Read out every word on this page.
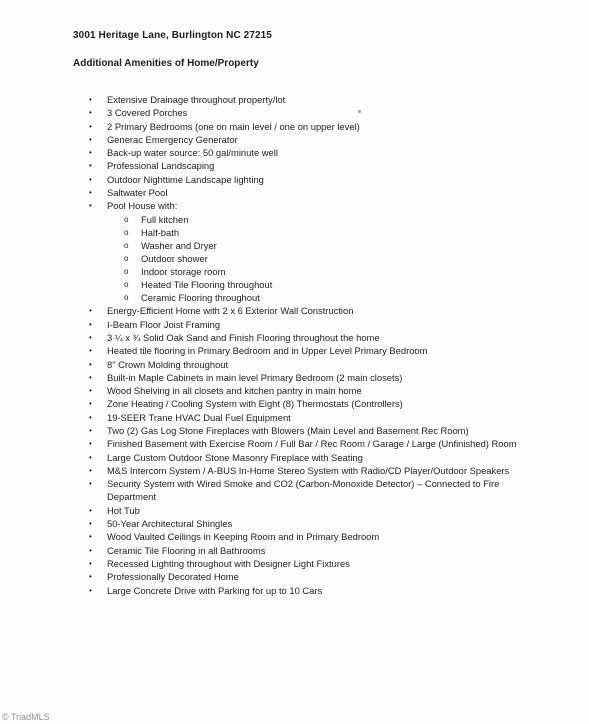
3001 Heritage Lane, Burlington NC 27215
Additional Amenities of Home/Property
• Extensive Drainage throughout property/lot
• 3 Covered Porches
• 2 Primary Bedrooms (one on main level / one on upper level)
• Generac Emergency Generator
• Back-up water source: 50 gal/minute well
• Professional Landscaping
• Outdoor Nighttime Landscape lighting
• Saltwater Pool
• Pool House with:
o Full kitchen
o Half-bath
o Washer and Dryer
o Outdoor shower
o Indoor storage room
o Heated Tile Flooring throughout
o Ceramic Flooring throughout
• Energy-Efficient Home with 2 x 6 Exterior Wall Construction
• I-Beam Floor Joist Framing
• 3 ¼ x ¾ Solid Oak Sand and Finish Flooring throughout the home
• Heated tile flooring in Primary Bedroom and in Upper Level Primary Bedroom
• 8" Crown Molding throughout
• Built-in Maple Cabinets in main level Primary Bedroom (2 main closets)
• Wood Shelving in all closets and kitchen pantry in main home
• Zone Heating / Cooling System with Eight (8) Thermostats (Controllers)
• 19-SEER Trane HVAC Dual Fuel Equipment
• Two (2) Gas Log Stone Fireplaces with Blowers (Main Level and Basement Rec Room)
• Finished Basement with Exercise Room / Full Bar / Rec Room / Garage / Large (Unfinished) Room
• Large Custom Outdoor Stone Masonry Fireplace with Seating
• M&S Intercom System / A-BUS In-Home Stereo System with Radio/CD Player/Outdoor Speakers
• Security System with Wired Smoke and CO2 (Carbon-Monoxide Detector) – Connected to Fire Department
• Hot Tub
• 50-Year Architectural Shingles
• Wood Vaulted Ceilings in Keeping Room and in Primary Bedroom
• Ceramic Tile Flooring in all Bathrooms
• Recessed Lighting throughout with Designer Light Fixtures
• Professionally Decorated Home
• Large Concrete Drive with Parking for up to 10 Cars
© TriadMLS
